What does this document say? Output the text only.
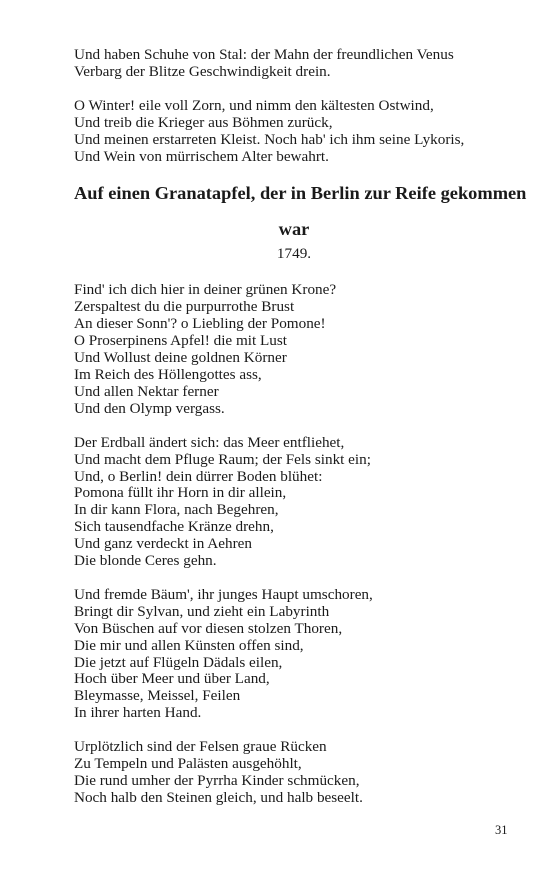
Und haben Schuhe von Stal: der Mahn der freundlichen Venus
Verbarg der Blitze Geschwindigkeit drein.
O Winter! eile voll Zorn, und nimm den kältesten Ostwind,
Und treib die Krieger aus Böhmen zurück,
Und meinen erstarreten Kleist. Noch hab' ich ihm seine Lykoris,
Und Wein von mürrischem Alter bewahrt.
Auf einen Granatapfel, der in Berlin zur Reife gekommen
war
1749.
Find' ich dich hier in deiner grünen Krone?
Zerspaltest du die purpurrothe Brust
An dieser Sonn'? o Liebling der Pomone!
O Proserpinens Apfel! die mit Lust
Und Wollust deine goldnen Körner
Im Reich des Höllengottes ass,
Und allen Nektar ferner
Und den Olymp vergass.
Der Erdball ändert sich: das Meer entfliehet,
Und macht dem Pfluge Raum; der Fels sinkt ein;
Und, o Berlin! dein dürrer Boden blühet:
Pomona füllt ihr Horn in dir allein,
In dir kann Flora, nach Begehren,
Sich tausendfache Kränze drehn,
Und ganz verdeckt in Aehren
Die blonde Ceres gehn.
Und fremde Bäum', ihr junges Haupt umschoren,
Bringt dir Sylvan, und zieht ein Labyrinth
Von Büschen auf vor diesen stolzen Thoren,
Die mir und allen Künsten offen sind,
Die jetzt auf Flügeln Dädals eilen,
Hoch über Meer und über Land,
Bleymasse, Meissel, Feilen
In ihrer harten Hand.
Urplötzlich sind der Felsen graue Rücken
Zu Tempeln und Palästen ausgehöhlt,
Die rund umher der Pyrrha Kinder schmücken,
Noch halb den Steinen gleich, und halb beseelt.
31
